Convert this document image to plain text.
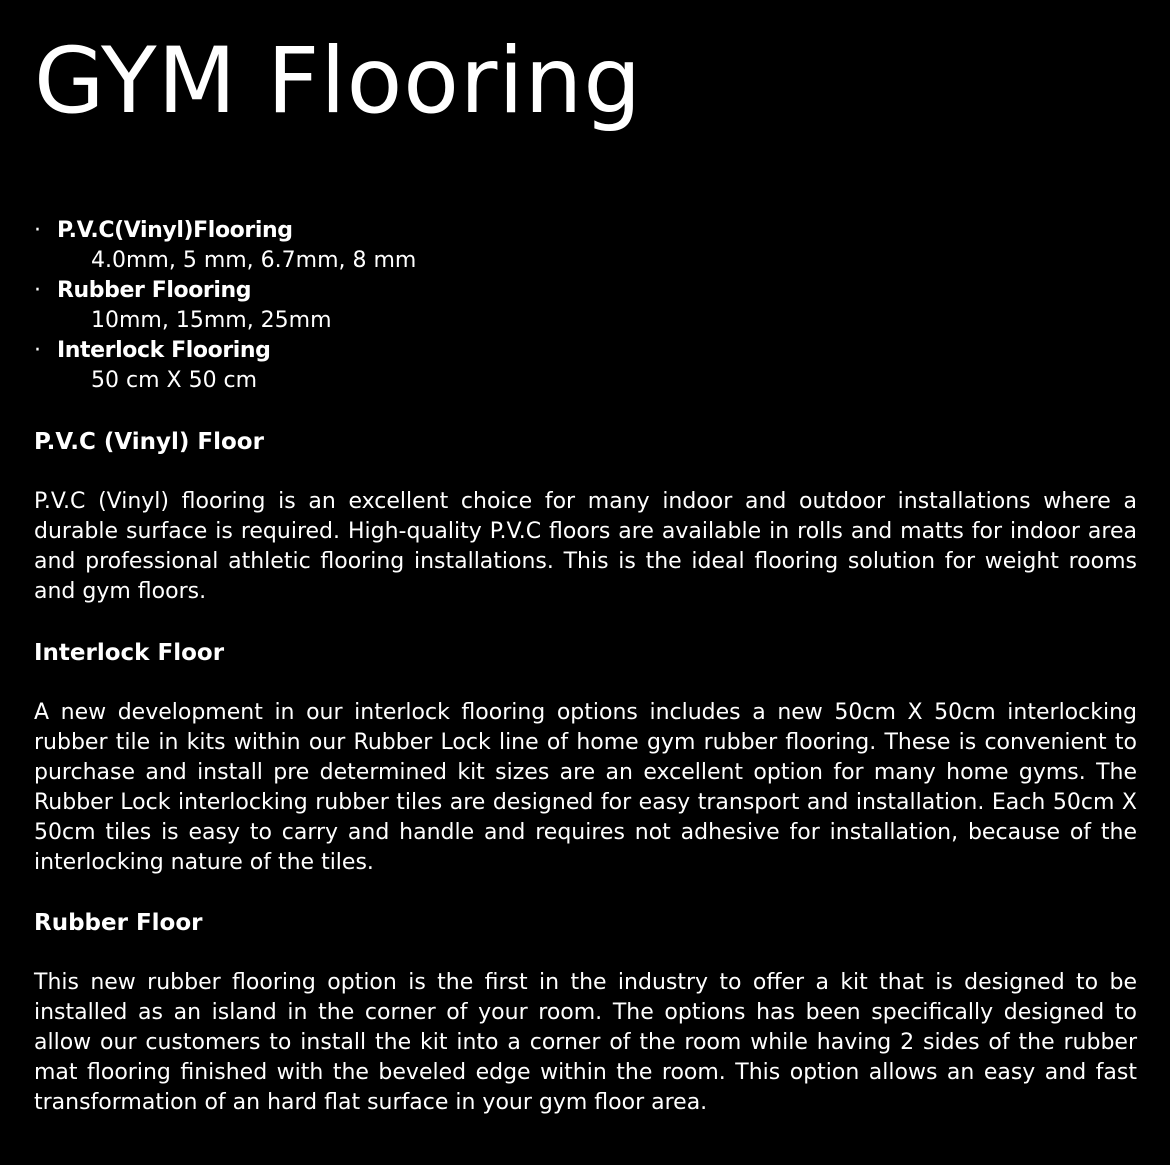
GYM Flooring
· P.V.C(Vinyl)Flooring
4.0mm, 5 mm, 6.7mm, 8 mm
· Rubber Flooring
10mm, 15mm, 25mm
· Interlock Flooring
50 cm X 50 cm
P.V.C (Vinyl) Floor

P.V.C (Vinyl) flooring is an excellent choice for many indoor and outdoor installations where a durable surface is required. High-quality P.V.C floors are available in rolls and matts for indoor area and professional athletic flooring installations. This is the ideal flooring solution for weight rooms and gym floors.

Interlock Floor

A new development in our interlock flooring options includes a new 50cm X 50cm interlocking rubber tile in kits within our Rubber Lock line of home gym rubber flooring. These is convenient to purchase and install pre determined kit sizes are an excellent option for many home gyms. The Rubber Lock interlocking rubber tiles are designed for easy transport and installation. Each 50cm X 50cm tiles is easy to carry and handle and requires not adhesive for installation, because of the interlocking nature of the tiles.

Rubber Floor

This new rubber flooring option is the first in the industry to offer a kit that is designed to be installed as an island in the corner of your room. The options has been specifically designed to allow our customers to install the kit into a corner of the room while having 2 sides of the rubber mat flooring finished with the beveled edge within the room. This option allows an easy and fast transformation of an hard flat surface in your gym floor area.
